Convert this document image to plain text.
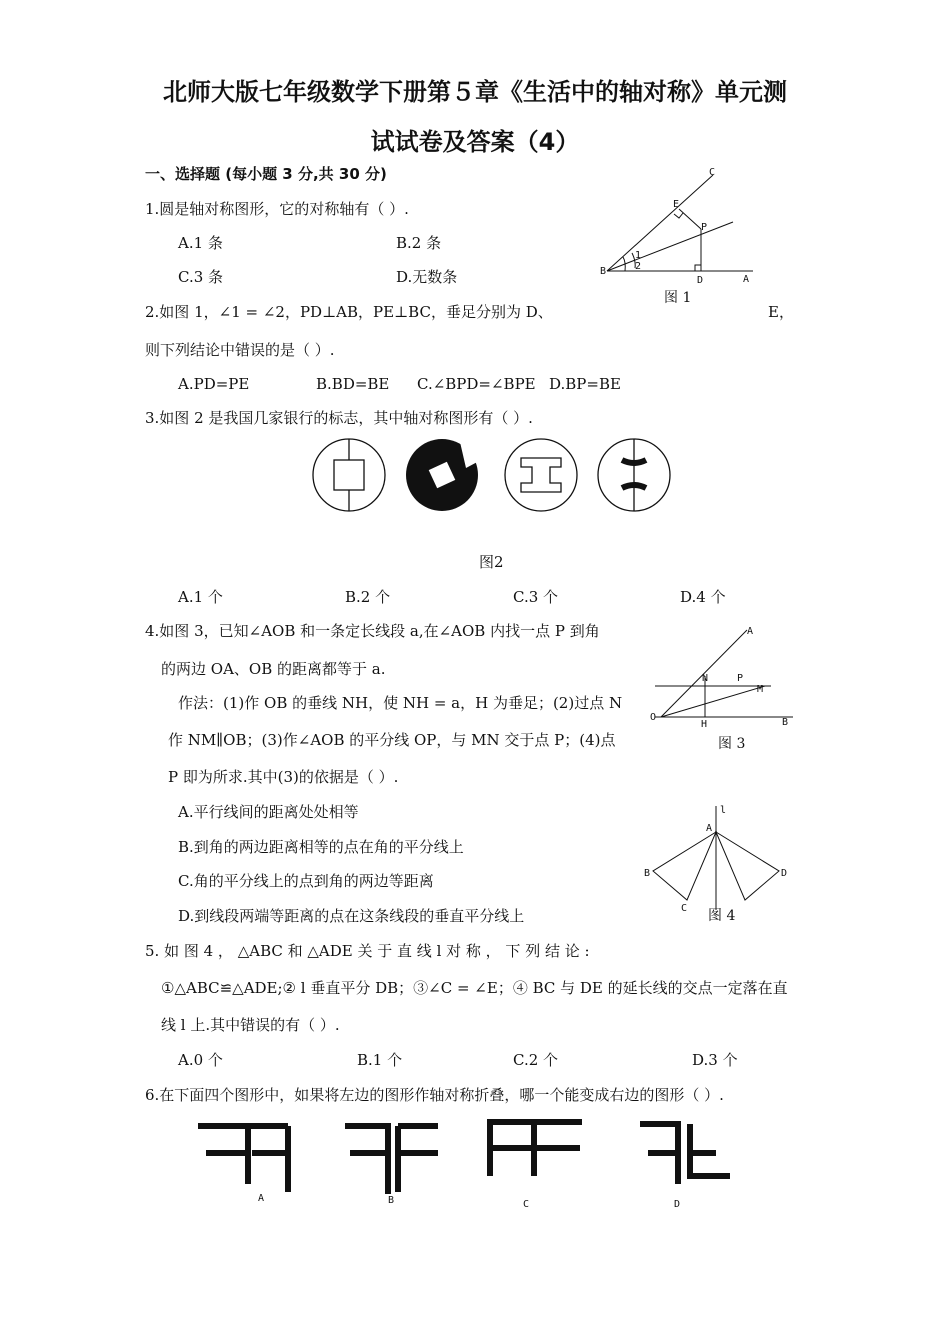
北师大版七年级数学下册第５章《生活中的轴对称》单元测
试试卷及答案（4）
一、选择题 (每小题 3 分,共 30 分)
1.圆是轴对称图形，它的对称轴有（ ）.
A.1 条	B.2 条
C.3 条	D.无数条
C
E
P
1
2
B
D	A
图 1
2.如图 1，∠1 = ∠2，PD⊥AB，PE⊥BC，垂足分别为 D、	E，
则下列结论中错误的是（ ）.
A.PD=PE	B.BD=BE C.∠BPD=∠BPE D.BP=BE
3.如图 2 是我国几家银行的标志，其中轴对称图形有（ ）.
图2
A.1 个	B.2 个	C.3 个	D.4 个
4.如图 3，已知∠AOB 和一条定长线段 a,在∠AOB 内找一点 P 到角
的两边 OA、OB 的距离都等于 a.
作法：(1)作 OB 的垂线 NH，使 NH = a，H 为垂足；(2)过点 N
作 NM∥OB；(3)作∠AOB 的平分线 OP，与 MN 交于点 P；(4)点
P 即为所求.其中(3)的依据是（ ）.
A.平行线间的距离处处相等
B.到角的两边距离相等的点在角的平分线上
C.角的平分线上的点到角的两边等距离
D.到线段两端等距离的点在这条线段的垂直平分线上
A
N	P
M
O
H	B
图 3
l
A
B	D
C 图 4
5. 如 图 4 ， △ABC 和 △ADE 关 于 直 线 l 对 称 ， 下 列 结 论 :
①△ABC≌△ADE;② l 垂直平分 DB；③∠C = ∠E；④ BC 与 DE 的延长线的交点一定落在直
线 l 上.其中错误的有（ ）.
A.0 个	B.1 个	C.2 个	D.3 个
6.在下面四个图形中，如果将左边的图形作轴对称折叠，哪一个能变成右边的图形（ ）.
A	B	C	D
